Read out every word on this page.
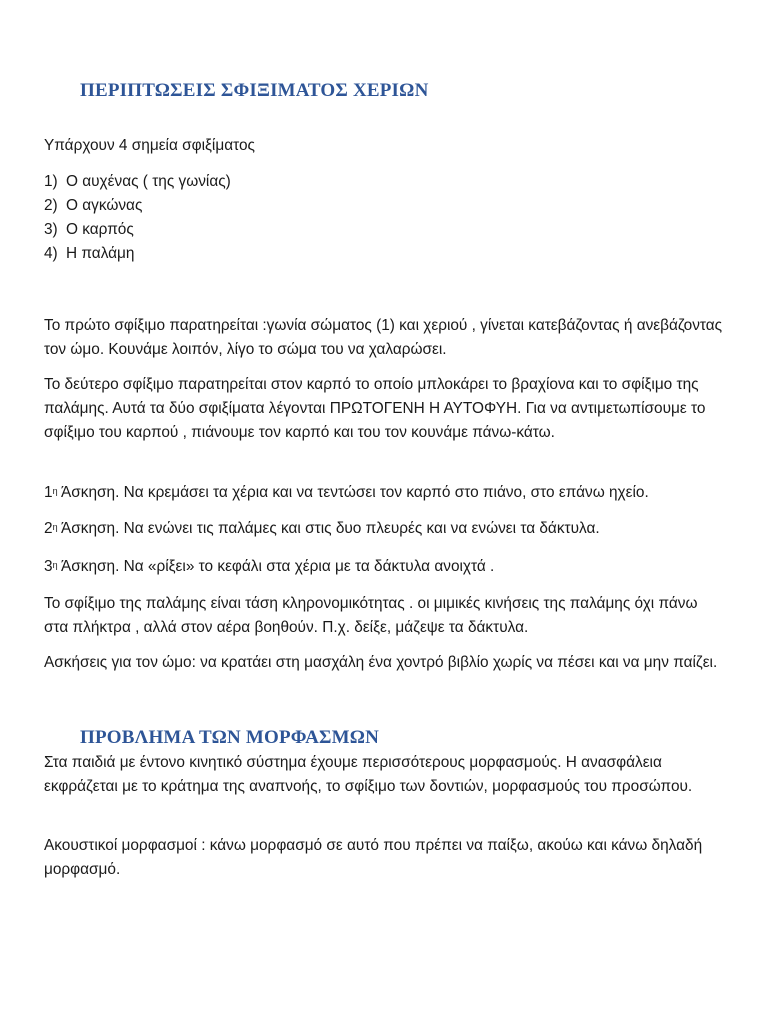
ΠΕΡΙΠΤΩΣΕΙΣ ΣΦΙΞΙΜΑΤΟΣ ΧΕΡΙΩΝ
Υπάρχουν 4 σημεία σφιξίματος
1) Ο αυχένας ( της γωνίας)
2) Ο αγκώνας
3) Ο καρπός
4) Η παλάμη
Το πρώτο σφίξιμο παρατηρείται :γωνία σώματος (1) και χεριού , γίνεται κατεβάζοντας ή ανεβάζοντας τον ώμο. Κουνάμε λοιπόν, λίγο το σώμα του να χαλαρώσει.
Το δεύτερο σφίξιμο παρατηρείται στον καρπό το οποίο μπλοκάρει το βραχίονα και το σφίξιμο της παλάμης. Αυτά τα δύο σφιξίματα λέγονται ΠΡΩΤΟΓΕΝΗ Η ΑΥΤΟΦΥΗ. Για να αντιμετωπίσουμε το σφίξιμο του καρπού , πιάνουμε τον καρπό και του τον κουνάμε πάνω-κάτω.
$1^\eta$ Άσκηση. Να κρεμάσει τα χέρια και να τεντώσει τον καρπό στο πιάνο, στο επάνω ηχείο.
$2^\eta$ Άσκηση. Να ενώνει τις παλάμες και στις δυο πλευρές και να ενώνει τα δάκτυλα.
$3^\eta$ Άσκηση. Να «ρίξει» το κεφάλι στα χέρια με τα δάκτυλα ανοιχτά .
Το σφίξιμο της παλάμης είναι τάση κληρονομικότητας . οι μιμικές κινήσεις της παλάμης όχι πάνω στα πλήκτρα , αλλά στον αέρα βοηθούν. Π.χ. δείξε, μάζεψε τα δάκτυλα.
Ασκήσεις για τον ώμο: να κρατάει στη μασχάλη ένα χοντρό βιβλίο χωρίς να πέσει και να μην παίζει.
ΠΡΟΒΛΗΜΑ ΤΩΝ ΜΟΡΦΑΣΜΩΝ
Στα παιδιά με έντονο κινητικό σύστημα έχουμε περισσότερους μορφασμούς. Η ανασφάλεια εκφράζεται με το κράτημα της αναπνοής, το σφίξιμο των δοντιών, μορφασμούς του προσώπου.
Ακουστικοί μορφασμοί : κάνω μορφασμό σε αυτό που πρέπει να παίξω, ακούω και κάνω δηλαδή μορφασμό.
